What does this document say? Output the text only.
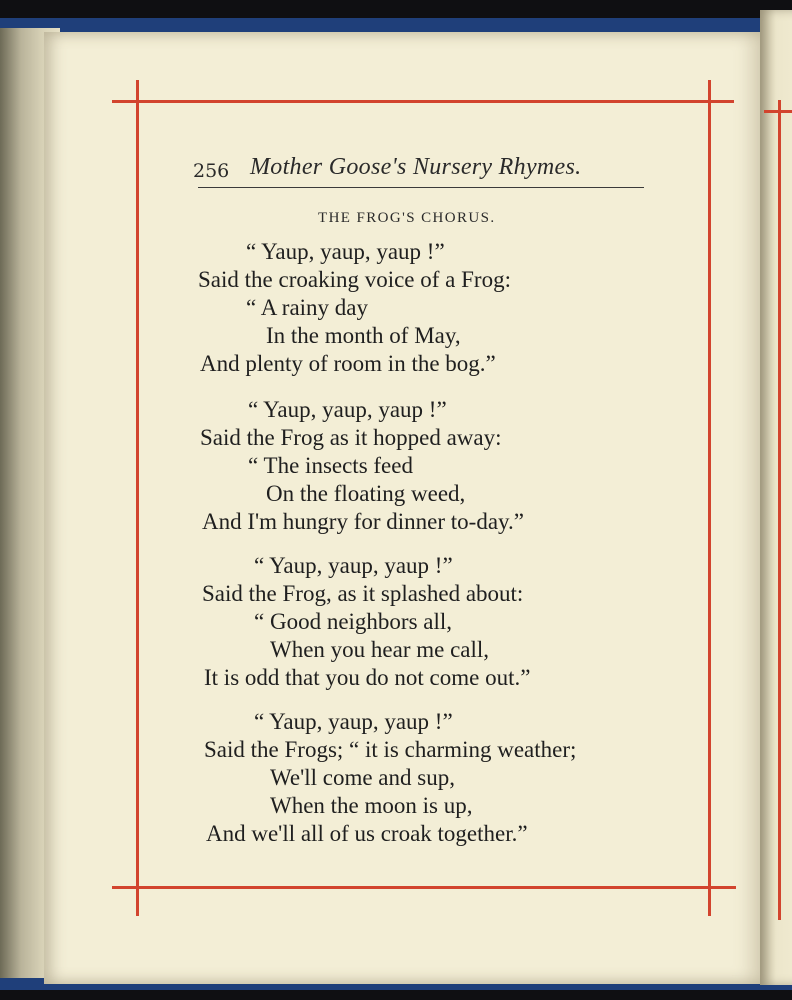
256 Mother Goose's Nursery Rhymes.
THE FROG'S CHORUS.
“ Yaup, yaup, yaup !”
Said the croaking voice of a Frog:
“ A rainy day
In the month of May,
And plenty of room in the bog.”
“ Yaup, yaup, yaup !”
Said the Frog as it hopped away:
“ The insects feed
On the floating weed,
And I'm hungry for dinner to-day.”
“ Yaup, yaup, yaup !”
Said the Frog, as it splashed about:
“ Good neighbors all,
When you hear me call,
It is odd that you do not come out.”
“ Yaup, yaup, yaup !”
Said the Frogs; “ it is charming weather;
We'll come and sup,
When the moon is up,
And we'll all of us croak together.”
